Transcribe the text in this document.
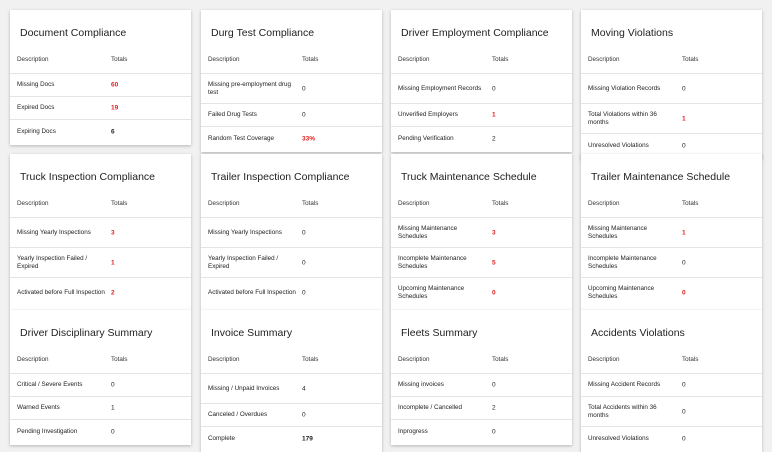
Document Compliance
Description	Totals
Missing Docs	60
Expired Docs	19
Expiring Docs	6
Durg Test Compliance
Description	Totals
Missing pre-employment drug test	0
Failed Drug Tests	0
Random Test Coverage	33%
Driver Employment Compliance
Description	Totals
Missing Employment Records	0
Unverified Employers	1
Pending Verification	2
Moving Violations
Description	Totals
Missing Violation Records	0
Total Violations within 36 months	1
Unresolved Violations	0
Truck Inspection Compliance
Description	Totals
Missing Yearly Inspections	3
Yearly Inspection Failed / Expired	1
Activated before Full Inspection 2
Trailer Inspection Compliance
Description	Totals
Missing Yearly Inspections	0
Yearly Inspection Failed / Expired	0
Activated before Full Inspection 0
Truck Maintenance Schedule
Description	Totals
Missing Maintenance Schedules	3
Incomplete Maintenance Schedules	5
Upcoming Maintenance Schedules	0
Trailer Maintenance Schedule
Description	Totals
Missing Maintenance Schedules	1
Incomplete Maintenance Schedules	0
Upcoming Maintenance Schedules	0
Driver Disciplinary Summary
Description	Totals
Critical / Severe Events	0
Warned Events	1
Pending Investigation	0
Invoice Summary
Description	Totals
Missing / Unpaid Invoices	4
Canceled / Overdues	0
Complete	179
Fleets Summary
Description	Totals
Missing invoices	0
Incomplete / Cancelled	2
Inprogress	0
Accidents Violations
Description	Totals
Missing Accident Records	0
Total Accidents within 36 months	0
Unresolved Violations	0
